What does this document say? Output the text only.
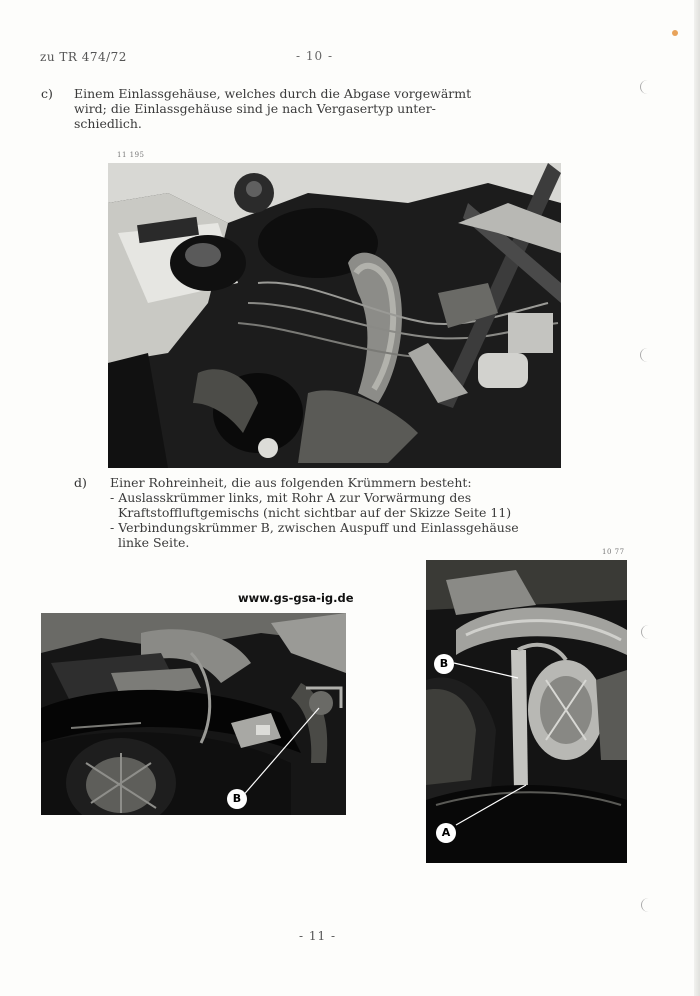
zu TR 474/72	- 10 -
c) Einem Einlassgehäuse, welches durch die Abgase vorgewärmt
wird; die Einlassgehäuse sind je nach Vergasertyp unter-
schiedlich.
11 195
d) Einer Rohreinheit, die aus folgenden Krümmern besteht:
- Auslasskrümmer links, mit Rohr A zur Vorwärmung des
Kraftstoffluftgemischs (nicht sichtbar auf der Skizze Seite 11)
- Verbindungskrümmer B, zwischen Auspuff und Einlassgehäuse
linke Seite.
10 77
www.gs-gsa-ig.de
B
B
A
- 11 -
